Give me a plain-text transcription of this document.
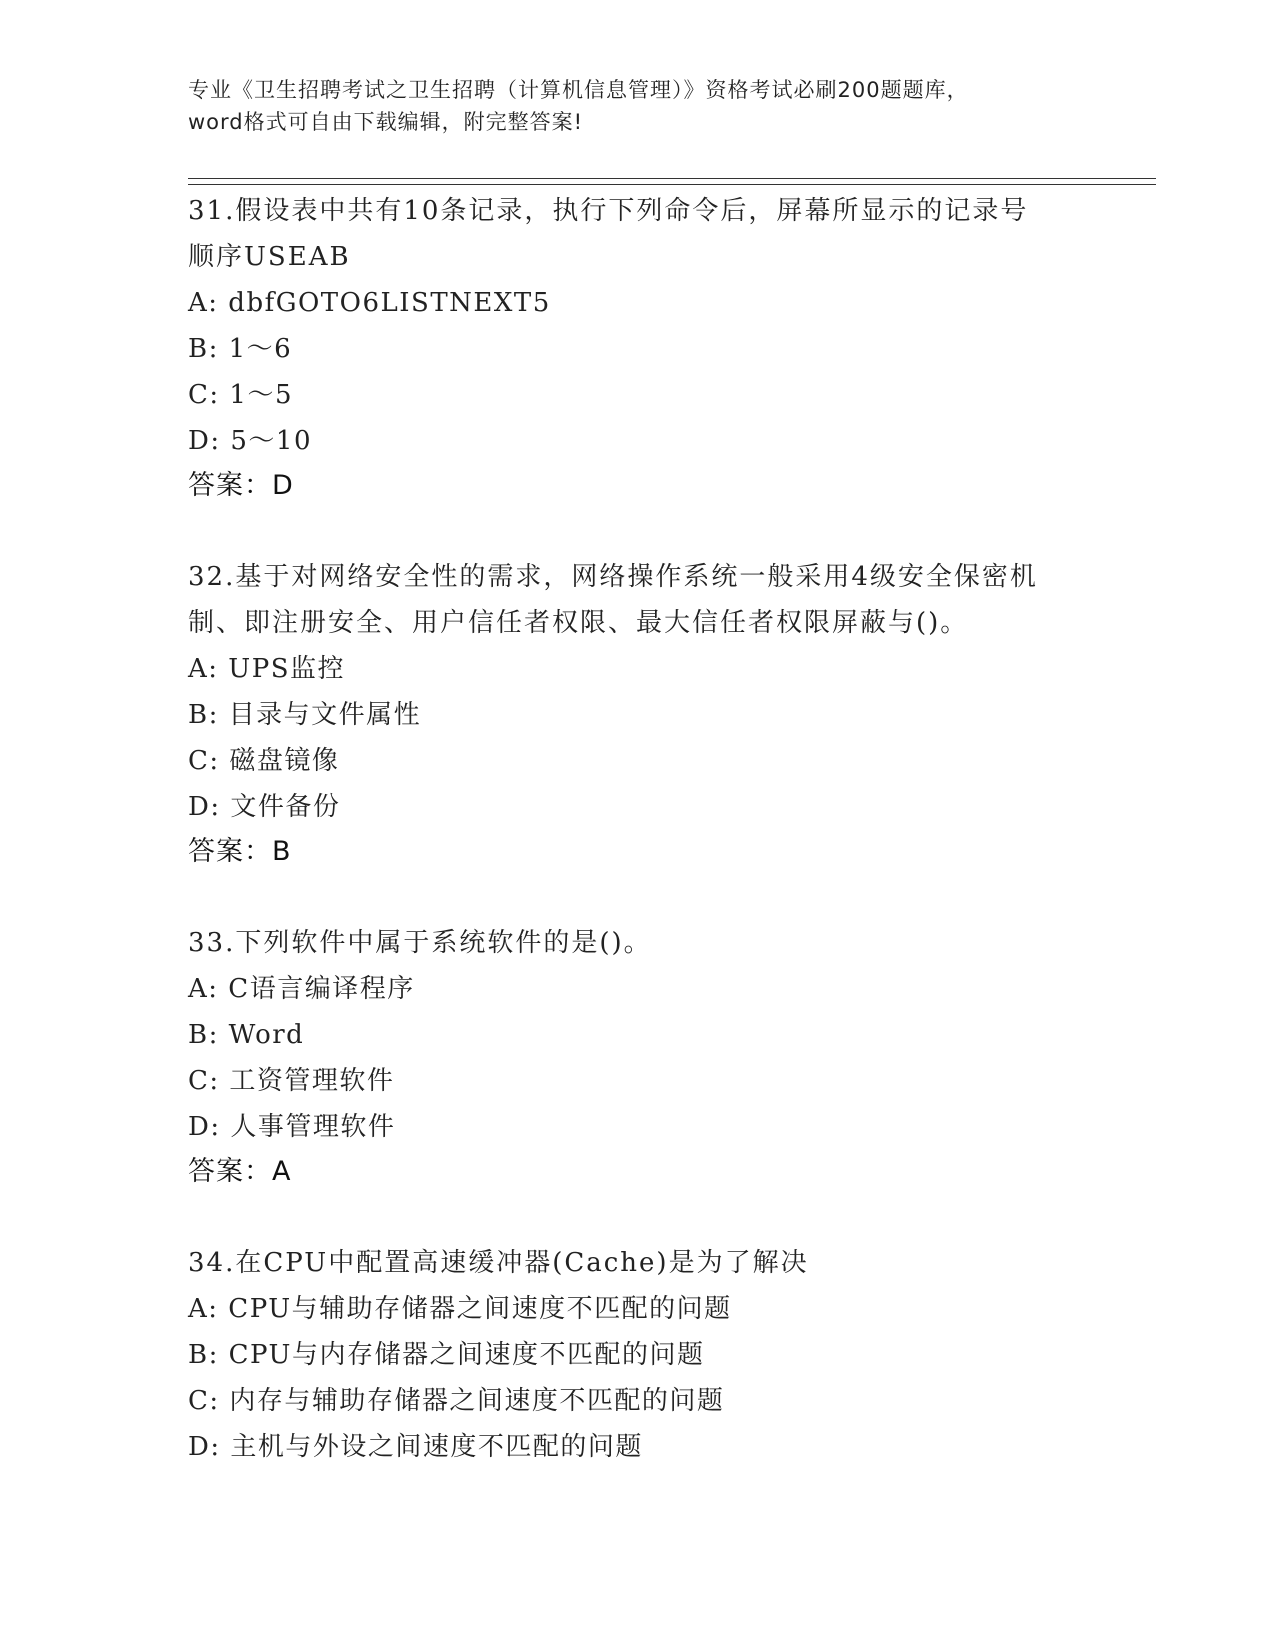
专业《卫生招聘考试之卫生招聘（计算机信息管理）》资格考试必刷200题题库，
word格式可自由下载编辑，附完整答案!
31.假设表中共有10条记录，执行下列命令后，屏幕所显示的记录号
顺序USEAB
A: dbfGOTO6LISTNEXT5
B: 1～6
C: 1～5
D: 5～10
答案：D
32.基于对网络安全性的需求，网络操作系统一般采用4级安全保密机
制、即注册安全、用户信任者权限、最大信任者权限屏蔽与()。
A: UPS监控
B: 目录与文件属性
C: 磁盘镜像
D: 文件备份
答案：B
33.下列软件中属于系统软件的是()。
A: C语言编译程序
B: Word
C: 工资管理软件
D: 人事管理软件
答案：A
34.在CPU中配置高速缓冲器(Cache)是为了解决
A: CPU与辅助存储器之间速度不匹配的问题
B: CPU与内存储器之间速度不匹配的问题
C: 内存与辅助存储器之间速度不匹配的问题
D: 主机与外设之间速度不匹配的问题
